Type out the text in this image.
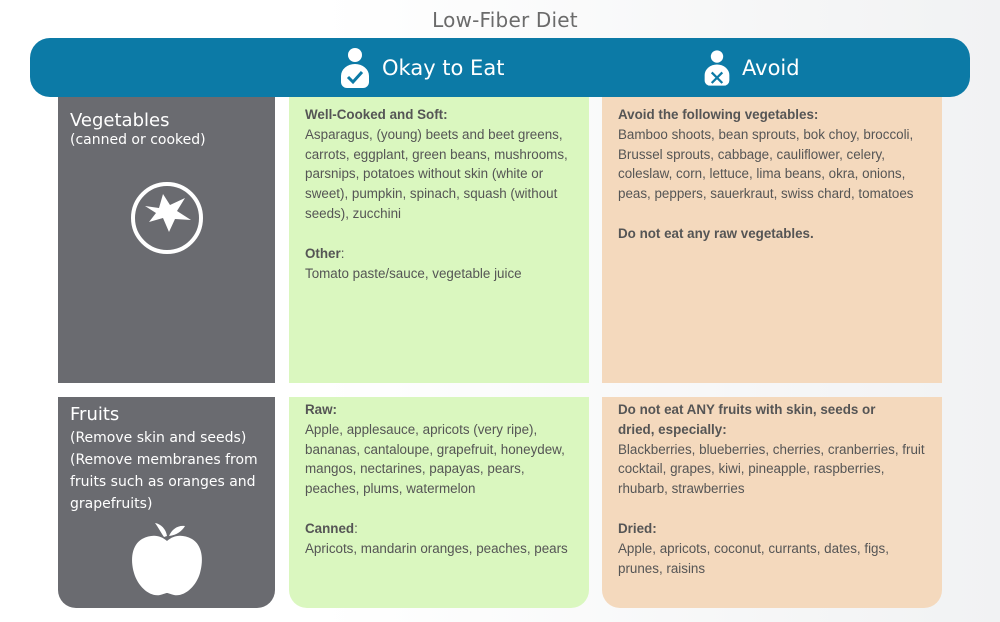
Low-Fiber Diet
Okay to Eat	Avoid
Vegetables
(canned or cooked)
Well-Cooked and Soft:
Asparagus, (young) beets and beet greens, carrots, eggplant, green beans, mushrooms, parsnips, potatoes without skin (white or sweet), pumpkin, spinach, squash (without seeds), zucchini
Other:
Tomato paste/sauce, vegetable juice
Avoid the following vegetables:
Bamboo shoots, bean sprouts, bok choy, broccoli, Brussel sprouts, cabbage, cauliflower, celery, coleslaw, corn, lettuce, lima beans, okra, onions, peas, peppers, sauerkraut, swiss chard, tomatoes
Do not eat any raw vegetables.
Fruits
(Remove skin and seeds)
(Remove membranes from fruits such as oranges and grapefruits)
Raw:
Apple, applesauce, apricots (very ripe), bananas, cantaloupe, grapefruit, honeydew, mangos, nectarines, papayas, pears, peaches, plums, watermelon
Canned:
Apricots, mandarin oranges, peaches, pears
Do not eat ANY fruits with skin, seeds or dried, especially:
Blackberries, blueberries, cherries, cranberries, fruit cocktail, grapes, kiwi, pineapple, raspberries, rhubarb, strawberries
Dried:
Apple, apricots, coconut, currants, dates, figs, prunes, raisins
